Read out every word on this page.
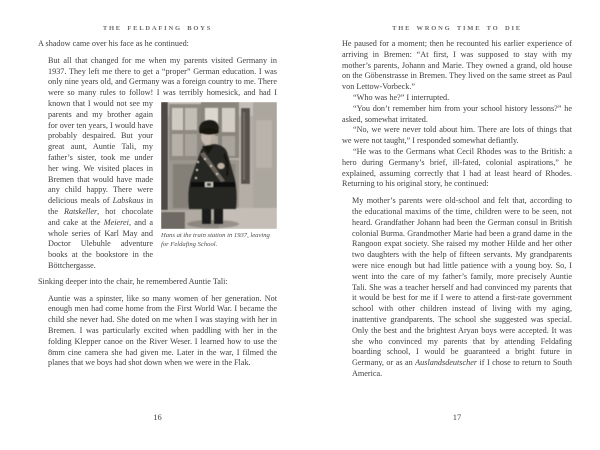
THE FELDAFING BOYS

A shadow came over his face as he continued:

But all that changed for me when my parents visited Germany in 1937. They left me there to get a “proper” German education. I was only nine years old, and Germany was a foreign country to me. There were so many rules to follow! I was terribly homesick, and had I known that I would not see my
Hans at the train station in 1937, leaving for Feldafing School.
parents and my brother again for over ten years, I would have probably despaired. But your great aunt, Auntie Tali, my father’s sister, took me under her wing. We visited places in Bremen that would have made any child happy. There were delicious meals of Labskaus in the Ratskeller, hot chocolate and cake at the Meierei, and a whole series of Karl May and Doctor Ulebuhle adventure books at the bookstore in the Böttchergasse.

Sinking deeper into the chair, he remembered Auntie Tali:

Auntie was a spinster, like so many women of her generation. Not enough men had come home from the First World War. I became the child she never had. She doted on me when I was staying with her in Bremen. I was particularly excited when paddling with her in the folding Klepper canoe on the River Weser. I learned how to use the 8mm cine camera she had given me. Later in the war, I filmed the planes that we boys had shot down when we were in the Flak.
16
THE WRONG TIME TO DIE

He paused for a moment; then he recounted his earlier experience of arriving in Bremen: “At first, I was supposed to stay with my mother’s parents, Johann and Marie. They owned a grand, old house on the Göbenstrasse in Bremen. They lived on the same street as Paul von Lettow-Vorbeck.”

“Who was he?” I interrupted.

“You don’t remember him from your school history lessons?” he asked, somewhat irritated.

“No, we were never told about him. There are lots of things that we were not taught,” I responded somewhat defiantly.

“He was to the Germans what Cecil Rhodes was to the British: a hero during Germany’s brief, ill-fated, colonial aspirations,” he explained, assuming correctly that I had at least heard of Rhodes. Returning to his original story, he continued:

My mother’s parents were old-school and felt that, according to the educational maxims of the time, children were to be seen, not heard. Grandfather Johann had been the German consul in British colonial Burma. Grandmother Marie had been a grand dame in the Rangoon expat society. She raised my mother Hilde and her other two daughters with the help of fifteen servants. My grandparents were nice enough but had little patience with a young boy. So, I went into the care of my father’s family, more precisely Auntie Tali. She was a teacher herself and had convinced my parents that it would be best for me if I were to attend a first-rate government school with other children instead of living with my aging, inattentive grandparents. The school she suggested was special. Only the best and the brightest Aryan boys were accepted. It was she who convinced my parents that by attending Feldafing boarding school, I would be guaranteed a bright future in Germany, or as an Auslandsdeutscher if I chose to return to South America.
17
